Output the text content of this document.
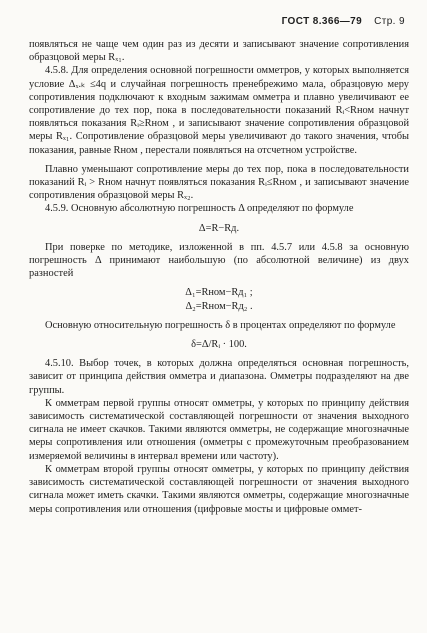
ГОСТ 8.366—79 Стр. 9

появляться не чаще чем один раз из десяти и записывают значение сопротивления образцовой меры Rₓ₁.

4.5.8. Для определения основной погрешности омметров, у которых выполняется условие Δₓ.ₖ ≤4q и случайная погрешность пренебрежимо мала, образцовую меру сопротивления подключают к входным зажимам омметра и плавно увеличивают ее сопротивление до тех пор, пока в последовательности показаний Rᵢ<Rном начнут появляться показания Rᵢ≥Rном , и записывают значение сопротивления образцовой меры Rₓ₁. Сопротивление образцовой меры увеличивают до такого значения, чтобы показания, равные Rном , перестали появляться на отсчетном устройстве.

Плавно уменьшают сопротивление меры до тех пор, пока в последовательности показаний Rᵢ > Rном начнут появляться показания Rᵢ≤Rном , и записывают значение сопротивления образцовой меры Rₓ₂.

4.5.9. Основную абсолютную погрешность Δ определяют по формуле

Δ=R−Rд.

При поверке по методике, изложенной в пп. 4.5.7 или 4.5.8 за основную погрешность Δ принимают наибольшую (по абсолютной величине) из двух разностей

Δ₁=Rном−Rд₁ ;

Δ₂=Rном−Rд₂ .

Основную относительную погрешность δ в процентах определяют по формуле

δ=Δ/Rᵢ · 100.

4.5.10. Выбор точек, в которых должна определяться основная погрешность, зависит от принципа действия омметра и диапазона. Омметры подразделяют на две группы.

К омметрам первой группы относят омметры, у которых по принципу действия зависимость систематической составляющей погрешности от значения выходного сигнала не имеет скачков. Такими являются омметры, не содержащие многозначные меры сопротивления или отношения (омметры с промежуточным преобразованием измеряемой величины в интервал времени или частоту).

К омметрам второй группы относят омметры, у которых по принципу действия зависимость систематической составляющей погрешности от значения выходного сигнала может иметь скачки. Такими являются омметры, содержащие многозначные меры сопротивления или отношения (цифровые мосты и цифровые оммет-
